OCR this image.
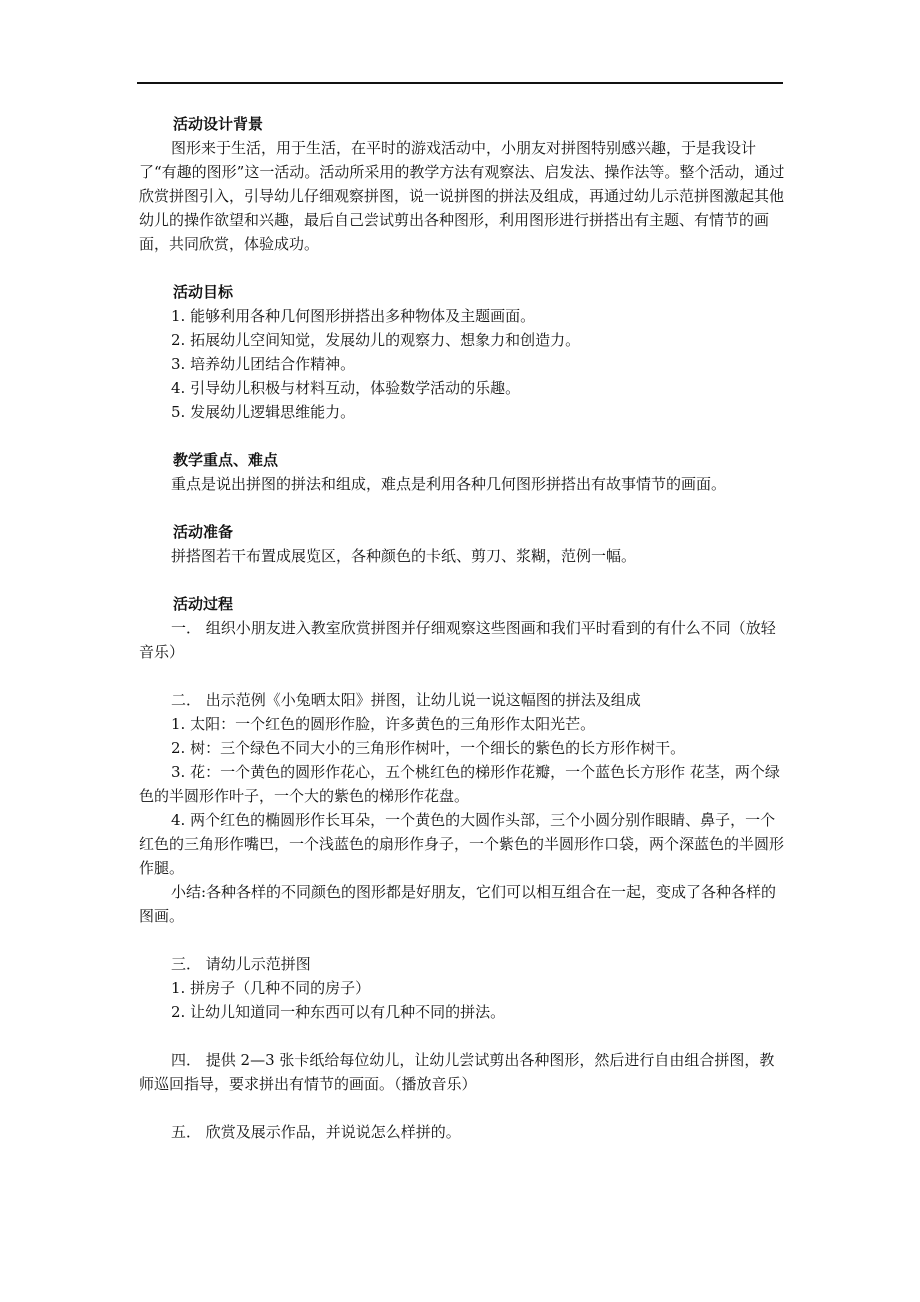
活动设计背景

图形来于生活，用于生活，在平时的游戏活动中，小朋友对拼图特别感兴趣，于是我设计了“有趣的图形”这一活动。活动所采用的教学方法有观察法、启发法、操作法等。整个活动，通过欣赏拼图引入，引导幼儿仔细观察拼图，说一说拼图的拼法及组成，再通过幼儿示范拼图激起其他幼儿的操作欲望和兴趣，最后自己尝试剪出各种图形，利用图形进行拼搭出有主题、有情节的画面，共同欣赏，体验成功。

活动目标
1. 能够利用各种几何图形拼搭出多种物体及主题画面。
2. 拓展幼儿空间知觉，发展幼儿的观察力、想象力和创造力。
3. 培养幼儿团结合作精神。
4. 引导幼儿积极与材料互动，体验数学活动的乐趣。
5. 发展幼儿逻辑思维能力。
教学重点、难点
重点是说出拼图的拼法和组成，难点是利用各种几何图形拼搭出有故事情节的画面。
活动准备
拼搭图若干布置成展览区，各种颜色的卡纸、剪刀、浆糊，范例一幅。
活动过程

一． 组织小朋友进入教室欣赏拼图并仔细观察这些图画和我们平时看到的有什么不同（放轻音乐）

二． 出示范例《小兔晒太阳》拼图，让幼儿说一说这幅图的拼法及组成
1. 太阳：一个红色的圆形作脸，许多黄色的三角形作太阳光芒。
2. 树：三个绿色不同大小的三角形作树叶，一个细长的紫色的长方形作树干。

3. 花：一个黄色的圆形作花心，五个桃红色的梯形作花瓣，一个蓝色长方形作 花茎，两个绿色的半圆形作叶子，一个大的紫色的梯形作花盘。

4. 两个红色的椭圆形作长耳朵，一个黄色的大圆作头部，三个小圆分别作眼睛、鼻子，一个红色的三角形作嘴巴，一个浅蓝色的扇形作身子，一个紫色的半圆形作口袋，两个深蓝色的半圆形作腿。

小结:各种各样的不同颜色的图形都是好朋友，它们可以相互组合在一起，变成了各种各样的图画。

三． 请幼儿示范拼图
1. 拼房子（几种不同的房子）
2. 让幼儿知道同一种东西可以有几种不同的拼法。

四． 提供 2—3 张卡纸给每位幼儿，让幼儿尝试剪出各种图形，然后进行自由组合拼图，教师巡回指导，要求拼出有情节的画面。（播放音乐）

五． 欣赏及展示作品，并说说怎么样拼的。
